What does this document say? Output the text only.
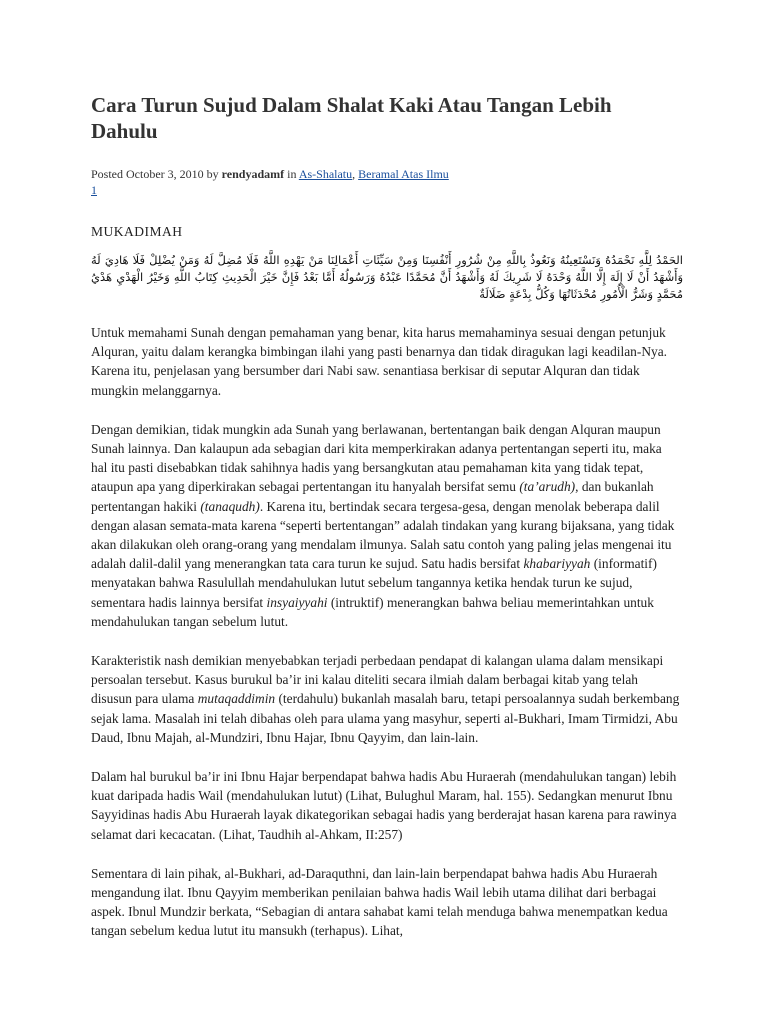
Cara Turun Sujud Dalam Shalat Kaki Atau Tangan Lebih Dahulu
Posted October 3, 2010 by rendyadamf in As-Shalatu, Beramal Atas Ilmu
1
MUKADIMAH
الحَمْدُ لِلَّهِ نَحْمَدُهُ وَنَسْتَعِينُهُ وَنَعُوذُ بِاللَّهِ مِنْ شُرُورِ أَنْفُسِنَا وَمِنْ سَيِّئَاتِ أَعْمَالِنَا مَنْ يَهْدِهِ اللَّهُ فَلَا مُضِلَّ لَهُ وَمَنْ يُضْلِلْ فَلَا هَادِيَ لَهُ وَأَشْهَدُ أَنْ لَا إِلَهَ إِلَّا اللَّهُ وَحْدَهُ لَا شَرِيكَ لَهُ وَأَشْهَدُ أَنَّ مُحَمَّدًا عَبْدُهُ وَرَسُولُهُ أَمَّا بَعْدُ فَإِنَّ خَيْرَ الْحَدِيثِ كِتَابُ اللَّهِ وَخَيْرُ الْهَدْيِ هَدْيُ مُحَمَّدٍ وَشَرُّ الْأُمُورِ مُحْدَثَاتُهَا وَكُلُّ بِدْعَةٍ ضَلَالَةٌ

Untuk memahami Sunah dengan pemahaman yang benar, kita harus memahaminya sesuai dengan petunjuk Alquran, yaitu dalam kerangka bimbingan ilahi yang pasti benarnya dan tidak diragukan lagi keadilan-Nya. Karena itu, penjelasan yang bersumber dari Nabi saw. senantiasa berkisar di seputar Alquran dan tidak mungkin melanggarnya.

Dengan demikian, tidak mungkin ada Sunah yang berlawanan, bertentangan baik dengan Alquran maupun Sunah lainnya. Dan kalaupun ada sebagian dari kita memperkirakan adanya pertentangan seperti itu, maka hal itu pasti disebabkan tidak sahihnya hadis yang bersangkutan atau pemahaman kita yang tidak tepat, ataupun apa yang diperkirakan sebagai pertentangan itu hanyalah bersifat semu (ta’arudh), dan bukanlah pertentangan hakiki (tanaqudh). Karena itu, bertindak secara tergesa-gesa, dengan menolak beberapa dalil dengan alasan semata-mata karena “seperti bertentangan” adalah tindakan yang kurang bijaksana, yang tidak akan dilakukan oleh orang-orang yang mendalam ilmunya. Salah satu contoh yang paling jelas mengenai itu adalah dalil-dalil yang menerangkan tata cara turun ke sujud. Satu hadis bersifat khabariyyah (informatif) menyatakan bahwa Rasulullah mendahulukan lutut sebelum tangannya ketika hendak turun ke sujud, sementara hadis lainnya bersifat insyaiyyahi (intruktif) menerangkan bahwa beliau memerintahkan untuk mendahulukan tangan sebelum lutut.

Karakteristik nash demikian menyebabkan terjadi perbedaan pendapat di kalangan ulama dalam mensikapi persoalan tersebut. Kasus burukul ba’ir ini kalau diteliti secara ilmiah dalam berbagai kitab yang telah disusun para ulama mutaqaddimin (terdahulu) bukanlah masalah baru, tetapi persoalannya sudah berkembang sejak lama. Masalah ini telah dibahas oleh para ulama yang masyhur, seperti al-Bukhari, Imam Tirmidzi, Abu Daud, Ibnu Majah, al-Mundziri, Ibnu Hajar, Ibnu Qayyim, dan lain-lain.

Dalam hal burukul ba’ir ini Ibnu Hajar berpendapat bahwa hadis Abu Huraerah (mendahulukan tangan) lebih kuat daripada hadis Wail (mendahulukan lutut) (Lihat, Bulughul Maram, hal. 155). Sedangkan menurut Ibnu Sayyidinas hadis Abu Huraerah layak dikategorikan sebagai hadis yang berderajat hasan karena para rawinya selamat dari kecacatan. (Lihat, Taudhih al-Ahkam, II:257)

Sementara di lain pihak, al-Bukhari, ad-Daraquthni, dan lain-lain berpendapat bahwa hadis Abu Huraerah mengandung ilat. Ibnu Qayyim memberikan penilaian bahwa hadis Wail lebih utama dilihat dari berbagai aspek. Ibnul Mundzir berkata, “Sebagian di antara sahabat kami telah menduga bahwa menempatkan kedua tangan sebelum kedua lutut itu mansukh (terhapus). Lihat,
